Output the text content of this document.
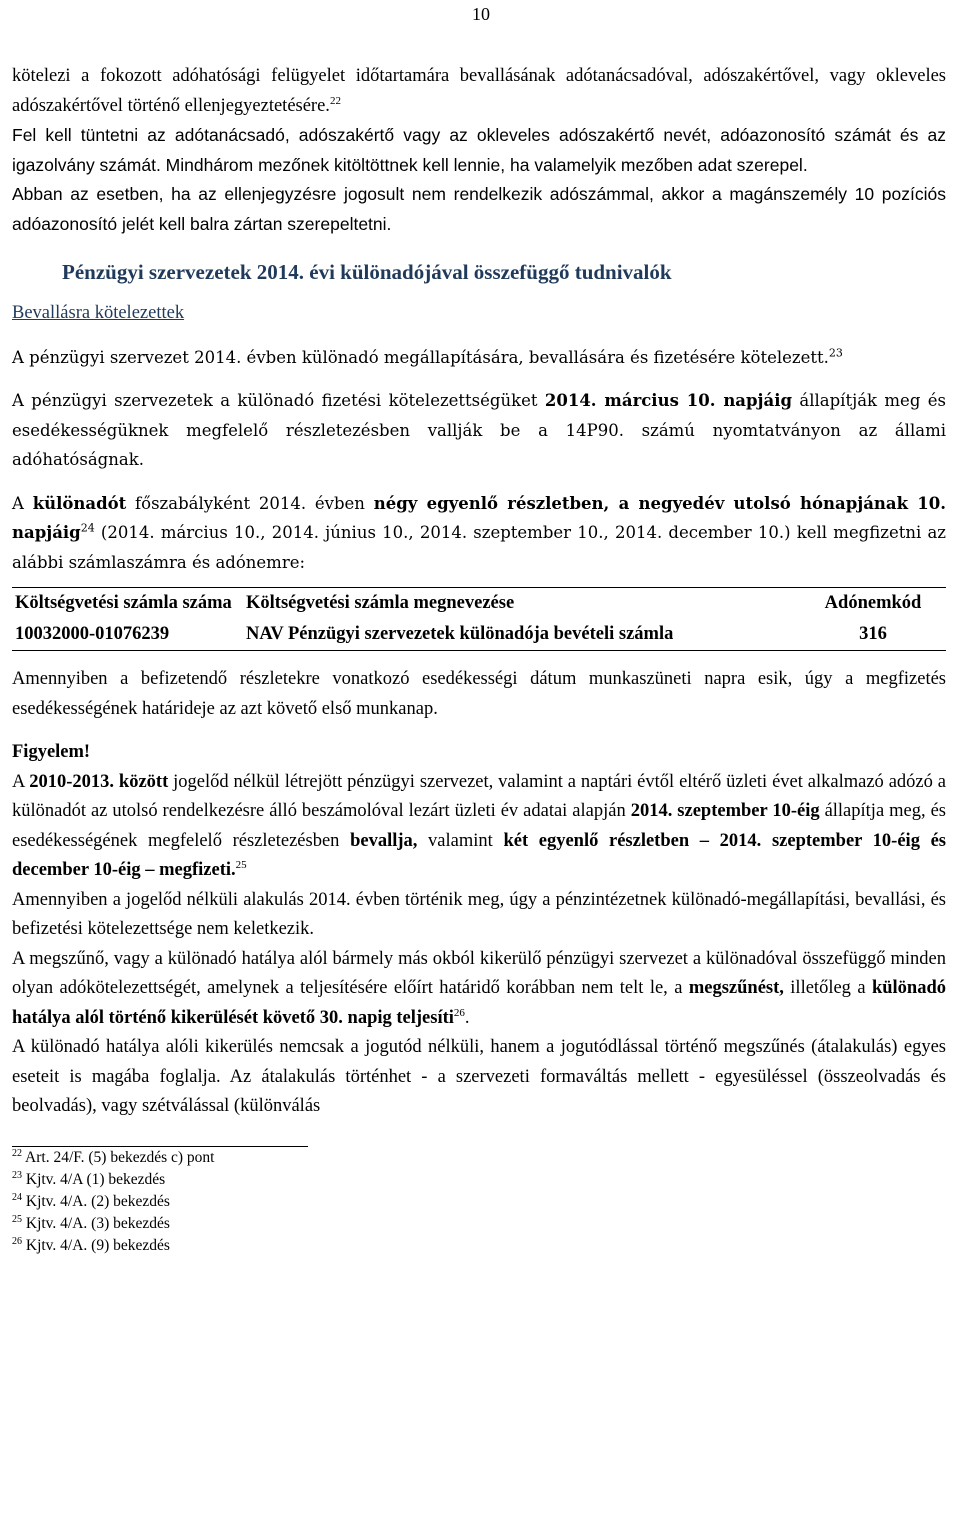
10

kötelezi a fokozott adóhatósági felügyelet időtartamára bevallásának adótanácsadóval, adószakértővel, vagy okleveles adószakértővel történő ellenjegyeztetésére.$^{22}$

Fel kell tüntetni az adótanácsadó, adószakértő vagy az okleveles adószakértő nevét, adóazonosító számát és az igazolvány számát. Mindhárom mezőnek kitöltöttnek kell lennie, ha valamelyik mezőben adat szerepel.

Abban az esetben, ha az ellenjegyzésre jogosult nem rendelkezik adószámmal, akkor a magánszemély 10 pozíciós adóazonosító jelét kell balra zártan szerepeltetni.

Pénzügyi szervezetek 2014. évi különadójával összefüggő tudnivalók

Bevallásra kötelezettek

A pénzügyi szervezet 2014. évben különadó megállapítására, bevallására és fizetésére kötelezett.$^{23}$

A pénzügyi szervezetek a különadó fizetési kötelezettségüket 2014. március 10. napjáig állapítják meg és esedékességüknek megfelelő részletezésben vallják be a 14P90. számú nyomtatványon az állami adóhatóságnak.

A különadót főszabályként 2014. évben négy egyenlő részletben, a negyedév utolsó hónapjának 10. napjáig$^{24}$ (2014. március 10., 2014. június 10., 2014. szeptember 10., 2014. december 10.) kell megfizetni az alábbi számlaszámra és adónemre:

Költségvetési számla száma	Költségvetési számla megnevezése	Adónemkód
10032000-01076239	NAV Pénzügyi szervezetek különadója bevételi számla	316

Amennyiben a befizetendő részletekre vonatkozó esedékességi dátum munkaszüneti napra esik, úgy a megfizetés esedékességének határideje az azt követő első munkanap.

Figyelem!

A 2010-2013. között jogelőd nélkül létrejött pénzügyi szervezet, valamint a naptári évtől eltérő üzleti évet alkalmazó adózó a különadót az utolsó rendelkezésre álló beszámolóval lezárt üzleti év adatai alapján 2014. szeptember 10-éig állapítja meg, és esedékességének megfelelő részletezésben bevallja, valamint két egyenlő részletben – 2014. szeptember 10-éig és december 10-éig – megfizeti.$^{25}$

Amennyiben a jogelőd nélküli alakulás 2014. évben történik meg, úgy a pénzintézetnek különadó-megállapítási, bevallási, és befizetési kötelezettsége nem keletkezik.

A megszűnő, vagy a különadó hatálya alól bármely más okból kikerülő pénzügyi szervezet a különadóval összefüggő minden olyan adókötelezettségét, amelynek a teljesítésére előírt határidő korábban nem telt le, a megszűnést, illetőleg a különadó hatálya alól történő kikerülését követő 30. napig teljesíti$^{26}$.

A különadó hatálya alóli kikerülés nemcsak a jogutód nélküli, hanem a jogutódlással történő megszűnés (átalakulás) egyes eseteit is magába foglalja. Az átalakulás történhet - a szervezeti formaváltás mellett - egyesüléssel (összeolvadás és beolvadás), vagy szétválással (különválás

$^{22}$ Art. 24/F. (5) bekezdés c) pont
$^{23}$ Kjtv. 4/A (1) bekezdés
$^{24}$ Kjtv. 4/A. (2) bekezdés
$^{25}$ Kjtv. 4/A. (3) bekezdés
$^{26}$ Kjtv. 4/A. (9) bekezdés
